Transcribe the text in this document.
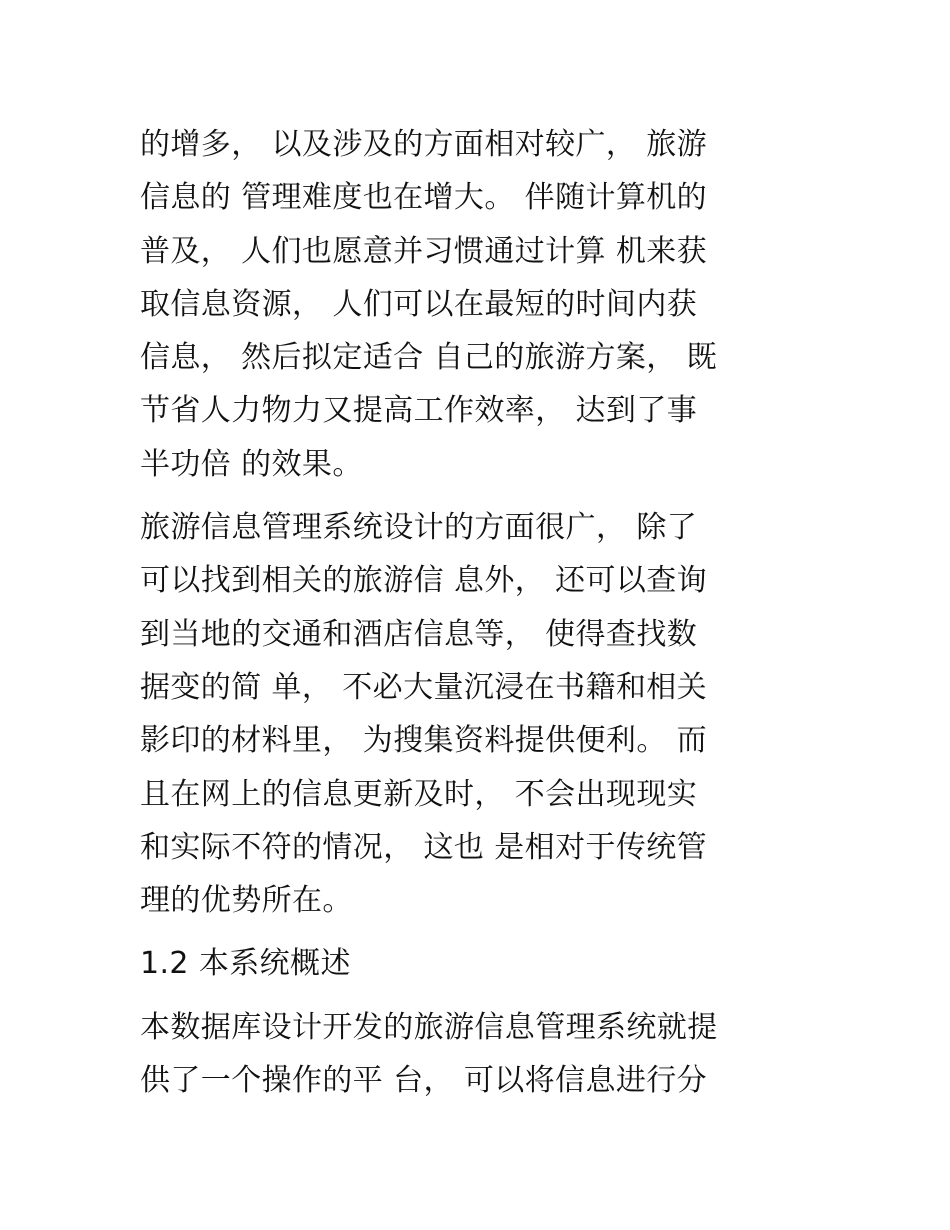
的增多， 以及涉及的方面相对较广， 旅游
信息的 管理难度也在增大。 伴随计算机的
普及， 人们也愿意并习惯通过计算 机来获
取信息资源， 人们可以在最短的时间内获
信息， 然后拟定适合 自己的旅游方案， 既
节省人力物力又提高工作效率， 达到了事
半功倍 的效果。
旅游信息管理系统设计的方面很广， 除了
可以找到相关的旅游信 息外， 还可以查询
到当地的交通和酒店信息等， 使得查找数
据变的简 单， 不必大量沉浸在书籍和相关
影印的材料里， 为搜集资料提供便利。 而
且在网上的信息更新及时， 不会出现现实
和实际不符的情况， 这也 是相对于传统管
理的优势所在。
1.2 本系统概述
本数据库设计开发的旅游信息管理系统就提
供了一个操作的平 台， 可以将信息进行分
